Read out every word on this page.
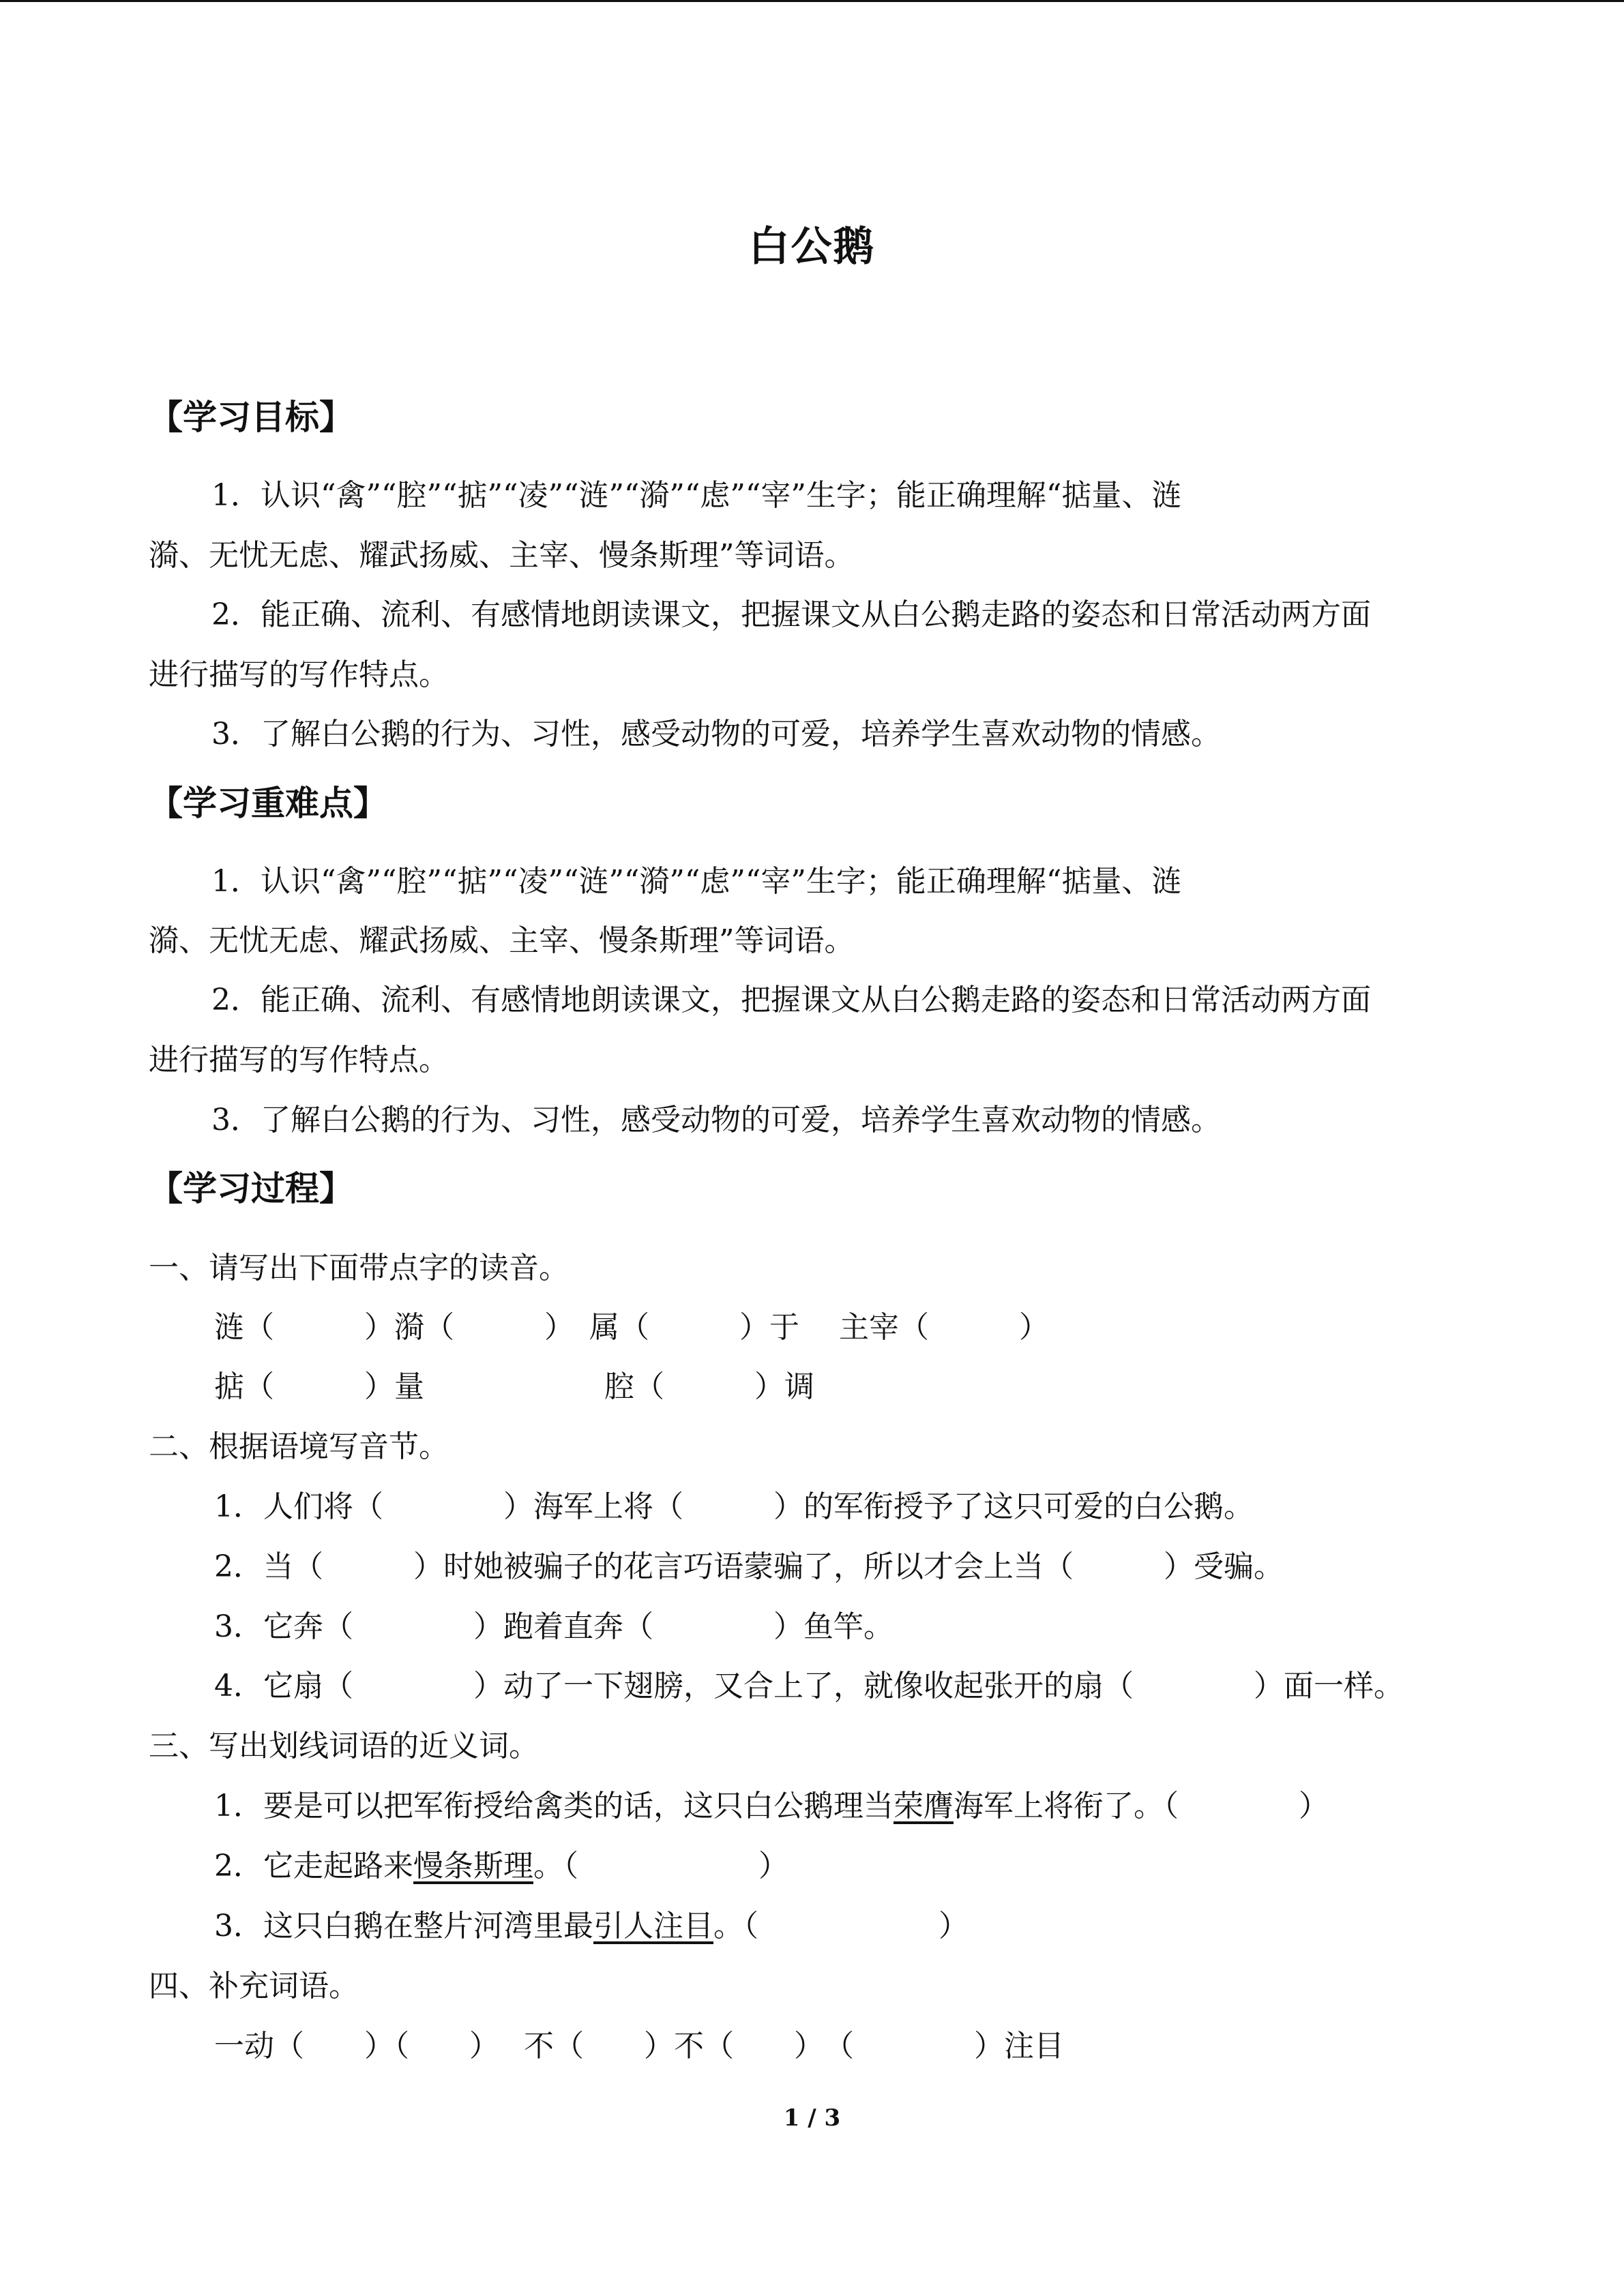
白公鹅
【学习目标】
1．认识“禽”“腔”“掂”“凌”“涟”“漪”“虑”“宰”生字；能正确理解“掂量、涟
漪、无忧无虑、耀武扬威、主宰、慢条斯理”等词语。
2．能正确、流利、有感情地朗读课文，把握课文从白公鹅走路的姿态和日常活动两方面
进行描写的写作特点。
3．了解白公鹅的行为、习性，感受动物的可爱，培养学生喜欢动物的情感。
【学习重难点】
1．认识“禽”“腔”“掂”“凌”“涟”“漪”“虑”“宰”生字；能正确理解“掂量、涟
漪、无忧无虑、耀武扬威、主宰、慢条斯理”等词语。
2．能正确、流利、有感情地朗读课文，把握课文从白公鹅走路的姿态和日常活动两方面
进行描写的写作特点。
3．了解白公鹅的行为、习性，感受动物的可爱，培养学生喜欢动物的情感。
【学习过程】
一、请写出下面带点字的读音。
涟（　　　）漪（　　　）　属（　　　）于　 主宰（　　　）
掂（　　　）量　　　　　　腔（　　　）调
二、根据语境写音节。
1．人们将（　　　　）海军上将（　　　）的军衔授予了这只可爱的白公鹅。
2．当（　　　）时她被骗子的花言巧语蒙骗了，所以才会上当（　　　）受骗。
3．它奔（　　　　）跑着直奔（　　　　）鱼竿。
4．它扇（　　　　）动了一下翅膀，又合上了，就像收起张开的扇（　　　　）面一样。
三、写出划线词语的近义词。
1．要是可以把军衔授给禽类的话，这只白公鹅理当荣膺海军上将衔了。（　　　　）
2．它走起路来慢条斯理。（　　　　　　）
3．这只白鹅在整片河湾里最引人注目。（　　　　　　）
四、补充词语。
一动（　　）（　　）　 不（　　）不（　　）　（　　　　）注目
1 / 3
